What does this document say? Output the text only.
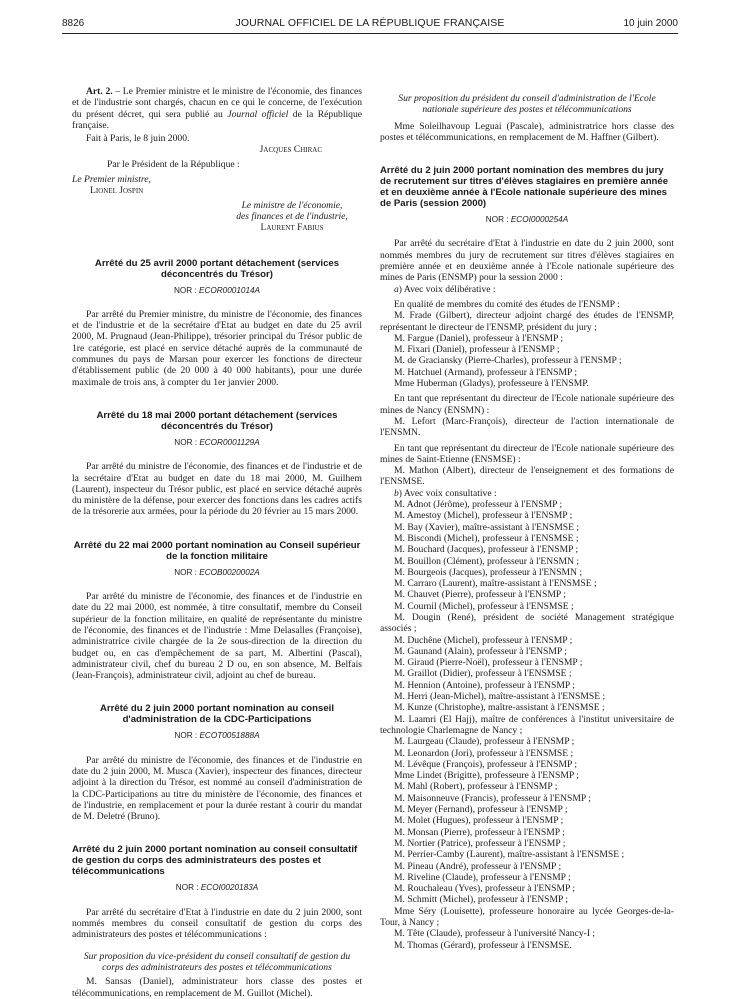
8826	JOURNAL OFFICIEL DE LA RÉPUBLIQUE FRANÇAISE	10 juin 2000

Art. 2. – Le Premier ministre et le ministre de l'économie, des finances et de l'industrie sont chargés, chacun en ce qui le concerne, de l'exécution du présent décret, qui sera publié au Journal officiel de la République française.

Fait à Paris, le 8 juin 2000.

Jacques Chirac

Par le Président de la République :

Le Premier ministre,

Lionel Jospin

Le ministre de l'économie,

des finances et de l'industrie,

Laurent Fabius

Arrêté du 25 avril 2000 portant détachement (services déconcentrés du Trésor)

NOR : ECOR0001014A

Par arrêté du Premier ministre, du ministre de l'économie, des finances et de l'industrie et de la secrétaire d'Etat au budget en date du 25 avril 2000, M. Prugnaud (Jean-Philippe), trésorier principal du Trésor public de 1re catégorie, est placé en service détaché auprès de la communauté de communes du pays de Marsan pour exercer les fonctions de directeur d'établissement public (de 20 000 à 40 000 habitants), pour une durée maximale de trois ans, à compter du 1er janvier 2000.

Arrêté du 18 mai 2000 portant détachement (services déconcentrés du Trésor)

NOR : ECOR0001129A

Par arrêté du ministre de l'économie, des finances et de l'industrie et de la secrétaire d'Etat au budget en date du 18 mai 2000, M. Guilhem (Laurent), inspecteur du Trésor public, est placé en service détaché auprès du ministère de la défense, pour exercer des fonctions dans les cadres actifs de la trésorerie aux armées, pour la période du 20 février au 15 mars 2000.

Arrêté du 22 mai 2000 portant nomination au Conseil supérieur de la fonction militaire

NOR : ECOB0020002A

Par arrêté du ministre de l'économie, des finances et de l'industrie en date du 22 mai 2000, est nommée, à titre consultatif, membre du Conseil supérieur de la fonction militaire, en qualité de représentante du ministre de l'économie, des finances et de l'industrie : Mme Delasalles (Françoise), administratrice civile chargée de la 2e sous-direction de la direction du budget ou, en cas d'empêchement de sa part, M. Albertini (Pascal), administrateur civil, chef du bureau 2 D ou, en son absence, M. Belfais (Jean-François), administrateur civil, adjoint au chef de bureau.

Arrêté du 2 juin 2000 portant nomination au conseil d'administration de la CDC-Participations

NOR : ECOT0051888A

Par arrêté du ministre de l'économie, des finances et de l'industrie en date du 2 juin 2000, M. Musca (Xavier), inspecteur des finances, directeur adjoint à la direction du Trésor, est nommé au conseil d'administration de la CDC-Participations au titre du ministère de l'économie, des finances et de l'industrie, en remplacement et pour la durée restant à courir du mandat de M. Deletré (Bruno).

Arrêté du 2 juin 2000 portant nomination au conseil consultatif de gestion du corps des administrateurs des postes et télécommunications

NOR : ECOI0020183A

Par arrêté du secrétaire d'Etat à l'industrie en date du 2 juin 2000, sont nommés membres du conseil consultatif de gestion du corps des administrateurs des postes et télécommunications :

Sur proposition du vice-président du conseil consultatif de gestion du corps des administrateurs des postes et télécommunications

M. Sansas (Daniel), administrateur hors classe des postes et télécommunications, en remplacement de M. Guillot (Michel).

Sur proposition du président du conseil d'administration de l'Ecole nationale supérieure des postes et télécommunications

Mme Soleilhavoup Leguai (Pascale), administratrice hors classe des postes et télécommunications, en remplacement de M. Haffner (Gilbert).

Arrêté du 2 juin 2000 portant nomination des membres du jury de recrutement sur titres d'élèves stagiaires en première année et en deuxième année à l'Ecole nationale supérieure des mines de Paris (session 2000)

NOR : ECOI0000254A

Par arrêté du secrétaire d'Etat à l'industrie en date du 2 juin 2000, sont nommés membres du jury de recrutement sur titres d'élèves stagiaires en première année et en deuxième année à l'Ecole nationale supérieure des mines de Paris (ENSMP) pour la session 2000 :

a) Avec voix délibérative :

En qualité de membres du comité des études de l'ENSMP :

M. Frade (Gilbert), directeur adjoint chargé des études de l'ENSMP, représentant le directeur de l'ENSMP, président du jury ;

M. Fargue (Daniel), professeur à l'ENSMP ;

M. Fixari (Daniel), professeur à l'ENSMP ;

M. de Graciansky (Pierre-Charles), professeur à l'ENSMP ;

M. Hatchuel (Armand), professeur à l'ENSMP ;

Mme Huberman (Gladys), professeure à l'ENSMP.

En tant que représentant du directeur de l'Ecole nationale supérieure des mines de Nancy (ENSMN) :

M. Lefort (Marc-François), directeur de l'action internationale de l'ENSMN.

En tant que représentant du directeur de l'Ecole nationale supérieure des mines de Saint-Etienne (ENSMSE) :

M. Mathon (Albert), directeur de l'enseignement et des formations de l'ENSMSE.

b) Avec voix consultative :

M. Adnot (Jérôme), professeur à l'ENSMP ;

M. Amestoy (Michel), professeur à l'ENSMP ;

M. Bay (Xavier), maître-assistant à l'ENSMSE ;

M. Biscondi (Michel), professeur à l'ENSMSE ;

M. Bouchard (Jacques), professeur à l'ENSMP ;

M. Bouillon (Clément), professeur à l'ENSMN ;

M. Bourgeois (Jacques), professeur à l'ENSMN ;

M. Carraro (Laurent), maître-assistant à l'ENSMSE ;

M. Chauvet (Pierre), professeur à l'ENSMP ;

M. Cournil (Michel), professeur à l'ENSMSE ;

M. Dougin (René), président de société Management stratégique associés ;

M. Duchêne (Michel), professeur à l'ENSMP ;

M. Gaunand (Alain), professeur à l'ENSMP ;

M. Giraud (Pierre-Noël), professeur à l'ENSMP ;

M. Graillot (Didier), professeur à l'ENSMSE ;

M. Hennion (Antoine), professeur à l'ENSMP ;

M. Herri (Jean-Michel), maître-assistant à l'ENSMSE ;

M. Kunze (Christophe), maître-assistant à l'ENSMSE ;

M. Laamri (El Hajj), maître de conférences à l'institut universitaire de technologie Charlemagne de Nancy ;

M. Laurgeau (Claude), professeur à l'ENSMP ;

M. Leonardon (Jori), professeur à l'ENSMSE ;

M. Lévêque (François), professeur à l'ENSMP ;

Mme Lindet (Brigitte), professeure à l'ENSMP ;

M. Mahl (Robert), professeur à l'ENSMP ;

M. Maisonneuve (Francis), professeur à l'ENSMP ;

M. Meyer (Fernand), professeur à l'ENSMP ;

M. Molet (Hugues), professeur à l'ENSMP ;

M. Monsan (Pierre), professeur à l'ENSMP ;

M. Nortier (Patrice), professeur à l'ENSMP ;

M. Perrier-Camby (Laurent), maître-assistant à l'ENSMSE ;

M. Pineau (André), professeur à l'ENSMP ;

M. Riveline (Claude), professeur à l'ENSMP ;

M. Rouchaleau (Yves), professeur à l'ENSMP ;

M. Schmitt (Michel), professeur à l'ENSMP ;

Mme Séry (Louisette), professeure honoraire au lycée Georges-de-la-Tour, à Nancy ;

M. Tête (Claude), professeur à l'université Nancy-I ;

M. Thomas (Gérard), professeur à l'ENSMSE.
